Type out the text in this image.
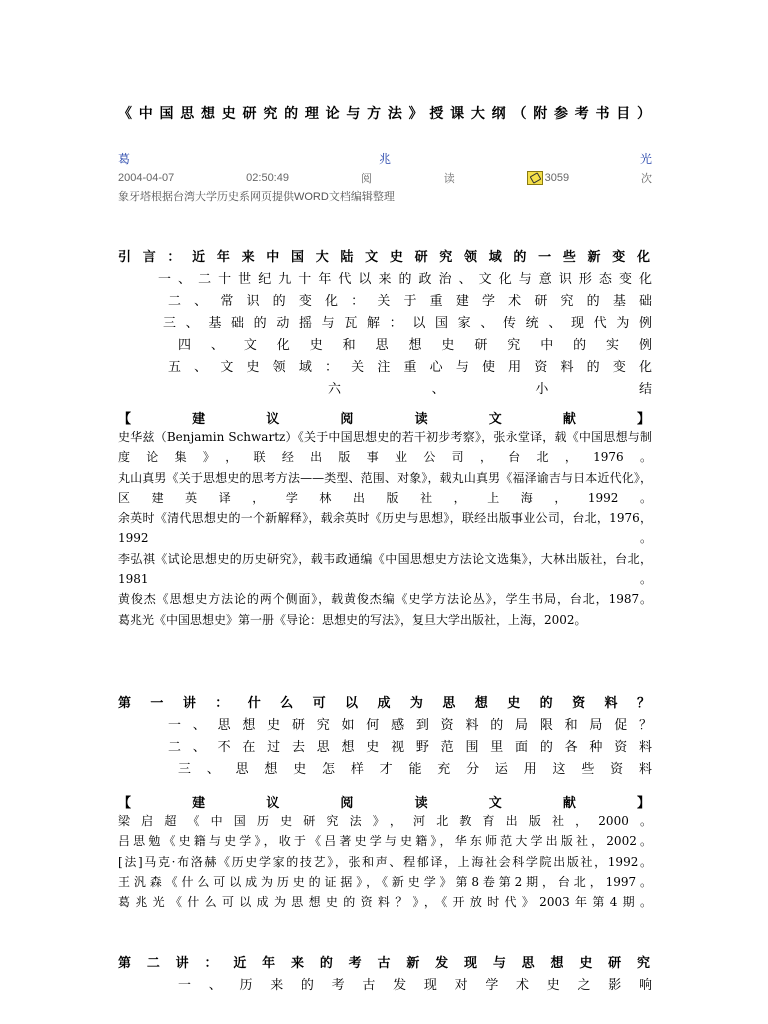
《中国思想史研究的理论与方法》授课大纲（附参考书目）
葛	兆	光
2004-04-07	02:50:49	阅	读	3059	次
象牙塔根据台湾大学历史系网页提供WORD文档编辑整理
引言：近年来中国大陆文史研究领域的一些新变化
一、二十世纪九十年代以来的政治、文化与意识形态变化
二、常识的变化：关于重建学术研究的基础
三、基础的动摇与瓦解：以国家、传统、现代为例
四、文化史和思想史研究中的实例
五、文史领域：关注重心与使用资料的变化
六、小结
【建议阅读文献】

史华兹（Benjamin Schwartz）《关于中国思想史的若干初步考察》，张永堂译，载《中国思想与制度论集》，联经出版事业公司，台北，1976。

丸山真男《关于思想史的思考方法——类型、范围、对象》，载丸山真男《福泽谕吉与日本近代化》，区建英译，学林出版社，上海，1992。

余英时《清代思想史的一个新解释》，载余英时《历史与思想》，联经出版事业公司，台北，1976，1992。

李弘祺《试论思想史的历史研究》，载韦政通编《中国思想史方法论文选集》，大林出版社，台北，1981。

黄俊杰《思想史方法论的两个侧面》，载黄俊杰编《史学方法论丛》，学生书局，台北，1987。

葛兆光《中国思想史》第一册《导论：思想史的写法》，复旦大学出版社，上海，2002。

第一讲：什么可以成为思想史的资料？
一、思想史研究如何感到资料的局限和局促？
二、不在过去思想史视野范围里面的各种资料
三、思想史怎样才能充分运用这些资料
【建议阅读文献】

梁启超《中国历史研究法》，河北教育出版社，2000。

吕思勉《史籍与史学》，收于《吕著史学与史籍》，华东师范大学出版社，2002。

[法]马克·布洛赫《历史学家的技艺》，张和声、程郁译，上海社会科学院出版社，1992。

王汎森《什么可以成为历史的证据》，《新史学》第8卷第2期，台北，1997。

葛兆光《什么可以成为思想史的资料？》，《开放时代》2003年第4期。

第二讲：近年来的考古新发现与思想史研究
一、历来的考古发现对学术史之影响
